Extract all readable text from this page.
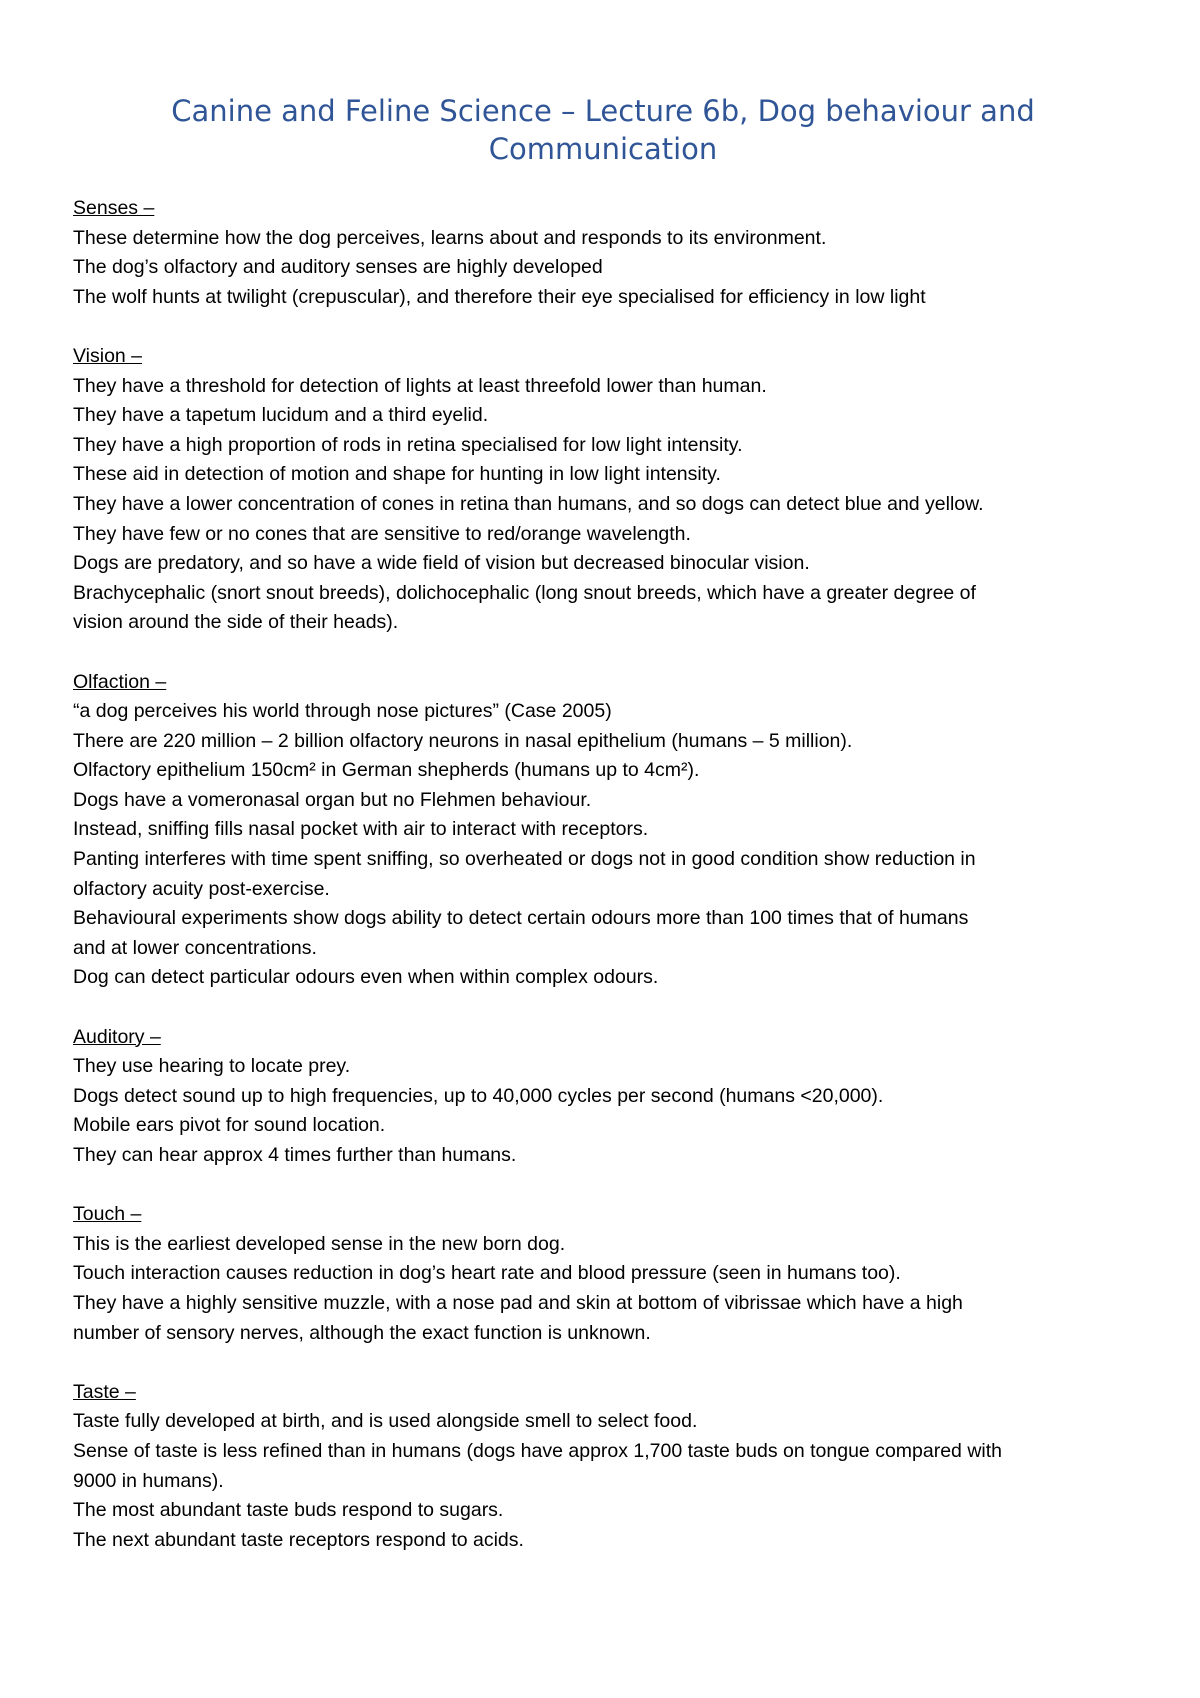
Canine and Feline Science – Lecture 6b, Dog behaviour and
Communication
Senses –
These determine how the dog perceives, learns about and responds to its environment.
The dog’s olfactory and auditory senses are highly developed
The wolf hunts at twilight (crepuscular), and therefore their eye specialised for efficiency in low light
Vision –
They have a threshold for detection of lights at least threefold lower than human.
They have a tapetum lucidum and a third eyelid.
They have a high proportion of rods in retina specialised for low light intensity.
These aid in detection of motion and shape for hunting in low light intensity.
They have a lower concentration of cones in retina than humans, and so dogs can detect blue and yellow.
They have few or no cones that are sensitive to red/orange wavelength.
Dogs are predatory, and so have a wide field of vision but decreased binocular vision.
Brachycephalic (snort snout breeds), dolichocephalic (long snout breeds, which have a greater degree of
vision around the side of their heads).
Olfaction –
“a dog perceives his world through nose pictures” (Case 2005)
There are 220 million – 2 billion olfactory neurons in nasal epithelium (humans – 5 million).
Olfactory epithelium 150cm² in German shepherds (humans up to 4cm²).
Dogs have a vomeronasal organ but no Flehmen behaviour.
Instead, sniffing fills nasal pocket with air to interact with receptors.
Panting interferes with time spent sniffing, so overheated or dogs not in good condition show reduction in
olfactory acuity post-exercise.
Behavioural experiments show dogs ability to detect certain odours more than 100 times that of humans
and at lower concentrations.
Dog can detect particular odours even when within complex odours.
Auditory –
They use hearing to locate prey.
Dogs detect sound up to high frequencies, up to 40,000 cycles per second (humans <20,000).
Mobile ears pivot for sound location.
They can hear approx 4 times further than humans.
Touch –
This is the earliest developed sense in the new born dog.
Touch interaction causes reduction in dog’s heart rate and blood pressure (seen in humans too).
They have a highly sensitive muzzle, with a nose pad and skin at bottom of vibrissae which have a high
number of sensory nerves, although the exact function is unknown.
Taste –
Taste fully developed at birth, and is used alongside smell to select food.
Sense of taste is less refined than in humans (dogs have approx 1,700 taste buds on tongue compared with
9000 in humans).
The most abundant taste buds respond to sugars.
The next abundant taste receptors respond to acids.
